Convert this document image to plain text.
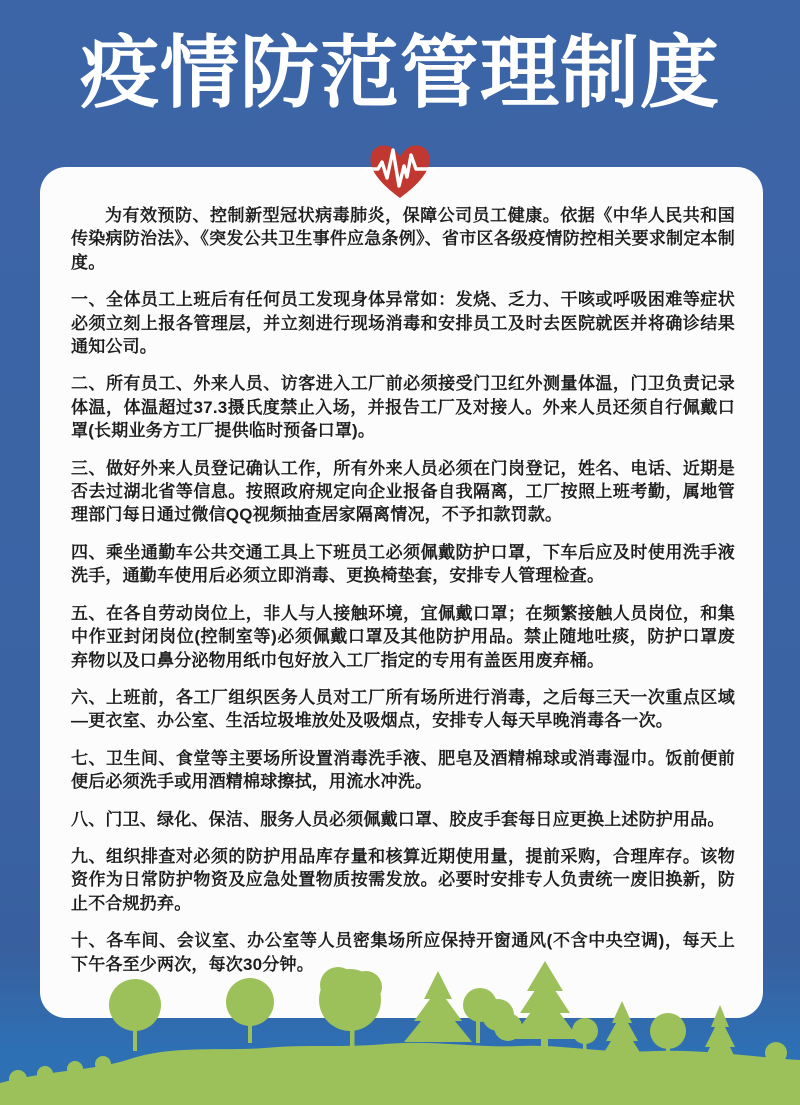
疫情防范管理制度

为有效预防、控制新型冠状病毒肺炎，保障公司员工健康。依据《中华人民共和国传染病防治法》、《突发公共卫生事件应急条例》、省市区各级疫情防控相关要求制定本制度。

一、全体员工上班后有任何员工发现身体异常如：发烧、乏力、干咳或呼吸困难等症状必须立刻上报各管理层，并立刻进行现场消毒和安排员工及时去医院就医并将确诊结果通知公司。

二、所有员工、外来人员、访客进入工厂前必须接受门卫红外测量体温，门卫负责记录体温，体温超过37.3摄氏度禁止入场，并报告工厂及对接人。外来人员还须自行佩戴口罩(长期业务方工厂提供临时预备口罩)。

三、做好外来人员登记确认工作，所有外来人员必须在门岗登记，姓名、电话、近期是否去过湖北省等信息。按照政府规定向企业报备自我隔离，工厂按照上班考勤，属地管理部门每日通过微信QQ视频抽查居家隔离情况，不予扣款罚款。

四、乘坐通勤车公共交通工具上下班员工必须佩戴防护口罩，下车后应及时使用洗手液洗手，通勤车使用后必须立即消毒、更换椅垫套，安排专人管理检查。

五、在各自劳动岗位上，非人与人接触环境，宜佩戴口罩；在频繁接触人员岗位，和集中作亚封闭岗位(控制室等)必须佩戴口罩及其他防护用品。禁止随地吐痰，防护口罩废弃物以及口鼻分泌物用纸巾包好放入工厂指定的专用有盖医用废弃桶。

六、上班前，各工厂组织医务人员对工厂所有场所进行消毒，之后每三天一次重点区域—更衣室、办公室、生活垃圾堆放处及吸烟点，安排专人每天早晚消毒各一次。

七、卫生间、食堂等主要场所设置消毒洗手液、肥皂及酒精棉球或消毒湿巾。饭前便前便后必须洗手或用酒精棉球擦拭，用流水冲洗。

八、门卫、绿化、保洁、服务人员必须佩戴口罩、胶皮手套每日应更换上述防护用品。

九、组织排查对必须的防护用品库存量和核算近期使用量，提前采购，合理库存。该物资作为日常防护物资及应急处置物质按需发放。必要时安排专人负责统一废旧换新，防止不合规扔弃。

十、各车间、会议室、办公室等人员密集场所应保持开窗通风(不含中央空调)，每天上下午各至少两次，每次30分钟。
